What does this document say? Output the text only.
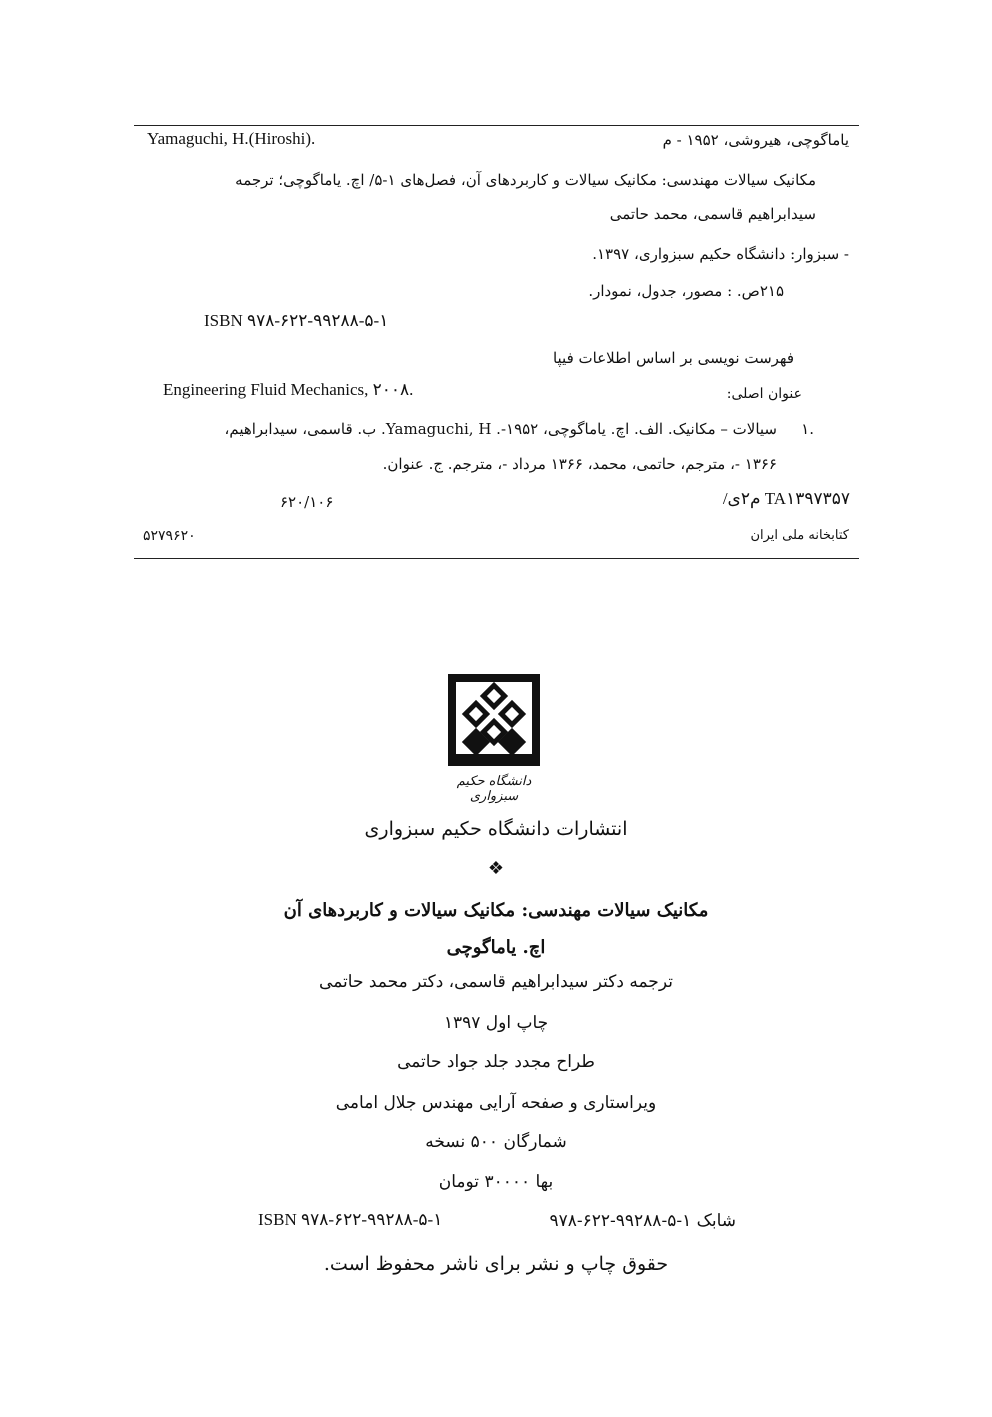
Yamaguchi, H.(Hiroshi).	یاماگوچی، هیروشی، ۱۹۵۲ - م
مکانیک سیالات مهندسی: مکانیک سیالات و کاربردهای آن، فصل‌های ۱-۵/ اچ. یاماگوچی؛ ترجمه
سیدابراهیم قاسمی، محمد حاتمی
- سبزوار: دانشگاه حکیم سبزواری، ۱۳۹۷.
۲۱۵ص. : مصور، جدول، نمودار.
ISBN ۹۷۸-۶۲۲-۹۹۲۸۸-۵-۱
فهرست نویسی بر اساس اطلاعات فیپا
Engineering Fluid Mechanics, ۲۰۰۸.	عنوان اصلی:
.۱
سیالات – مکانیک. الف. اچ. یاماگوچی، ۱۹۵۲-. Yamaguchi, H. ب. قاسمی، سیدابراهیم،
۱۳۶۶ -، مترجم، حاتمی، محمد، ۱۳۶۶ مرداد -، مترجم. ج. عنوان.
TA۱۳۹۷۳۵۷ م۲ی/
۶۲۰/۱۰۶
کتابخانه ملی ایران
۵۲۷۹۶۲۰
دانشگاه حکیم سبزواری
انتشارات دانشگاه حکیم سبزواری
❖
مکانیک سیالات مهندسی: مکانیک سیالات و کاربردهای آن
اچ. یاماگوچی
ترجمه دکتر سیدابراهیم قاسمی، دکتر محمد حاتمی
چاپ اول ۱۳۹۷
طراح مجدد جلد جواد حاتمی
ویراستاری و صفحه آرایی مهندس جلال امامی
شمارگان ۵۰۰ نسخه
بها ۳۰۰۰۰ تومان
شابک ۱-۵-۹۹۲۸۸-۶۲۲-۹۷۸
ISBN ۹۷۸-۶۲۲-۹۹۲۸۸-۵-۱
حقوق چاپ و نشر برای ناشر محفوظ است.
